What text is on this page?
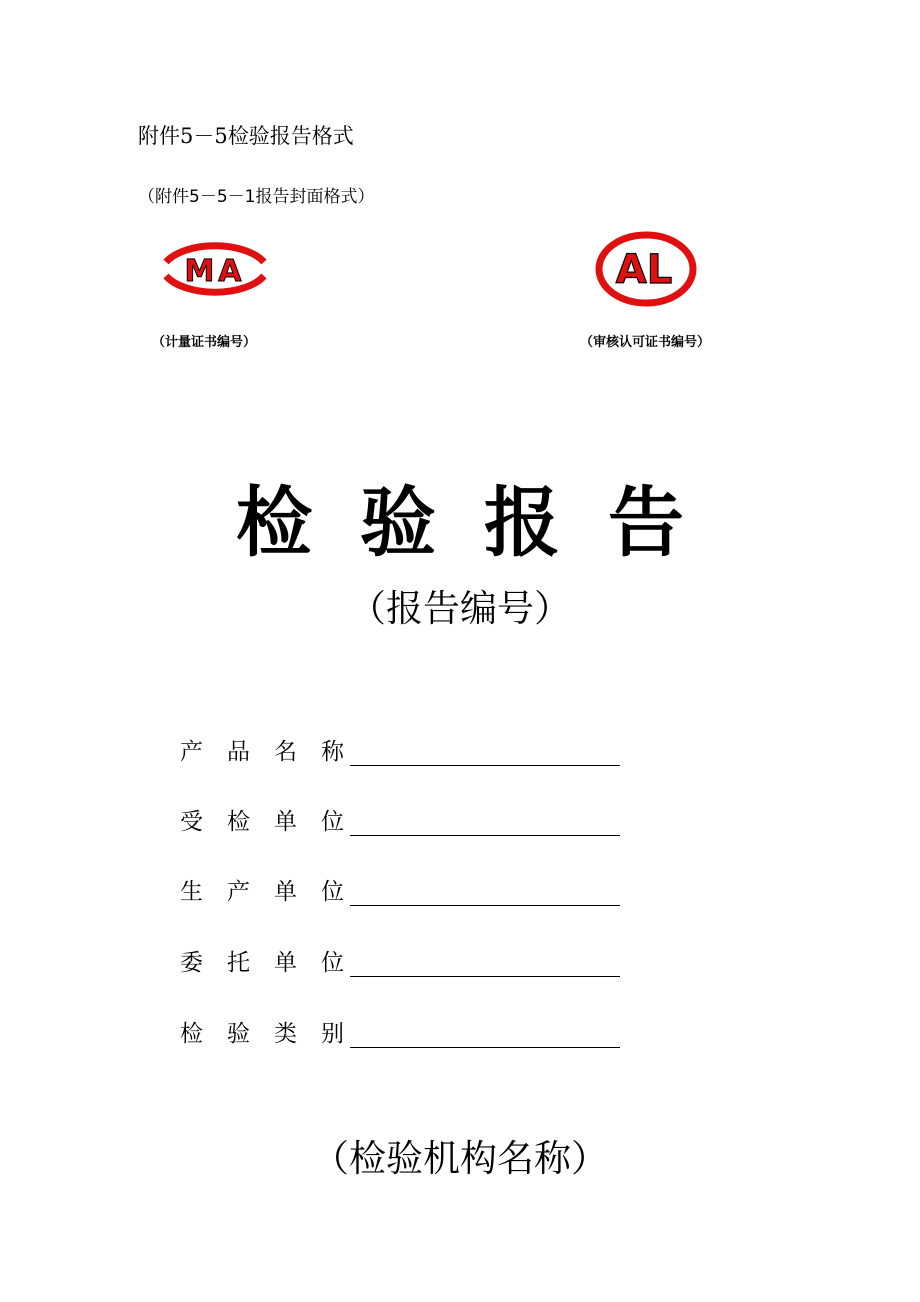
附件5－5检验报告格式
（附件5－5－1报告封面格式）
MA	AL
（计量证书编号）	（审核认可证书编号）
检验报告
（报告编号）
产品名称
受检单位
生产单位
委托单位
检验类别
（检验机构名称）
